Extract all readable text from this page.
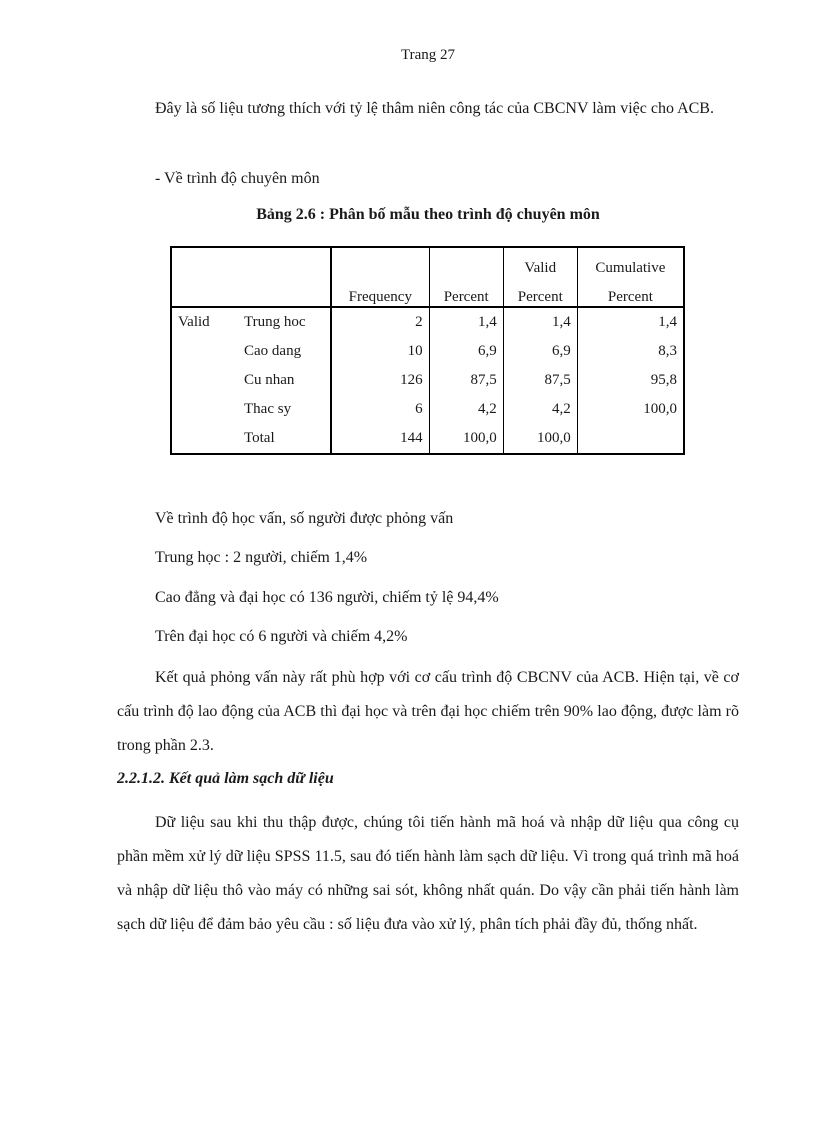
Trang 27

Đây là số liệu tương thích với tỷ lệ thâm niên công tác của CBCNV làm việc cho ACB.

- Về trình độ chuyên môn

Bảng 2.6 : Phân bố mẫu theo trình độ chuyên môn
				Valid	Cumulative
		Frequency	Percent	Percent	Percent
Valid	Trung hoc	2	1,4	1,4	1,4
	Cao dang	10	6,9	6,9	8,3
	Cu nhan	126	87,5	87,5	95,8
	Thac sy	6	4,2	4,2	100,0
	Total	144	100,0	100,0	

Về trình độ học vấn, số người được phỏng vấn

Trung học : 2 người, chiếm 1,4%

Cao đẳng và đại học có 136 người, chiếm tỷ lệ 94,4%

Trên đại học có 6 người và chiếm 4,2%

Kết quả phỏng vấn này rất phù hợp với cơ cấu trình độ CBCNV của ACB. Hiện tại, về cơ cấu trình độ lao động của ACB thì đại học và trên đại học chiếm trên 90% lao động, được làm rõ trong phần 2.3.

2.2.1.2. Kết quả làm sạch dữ liệu

Dữ liệu sau khi thu thập được, chúng tôi tiến hành mã hoá và nhập dữ liệu qua công cụ phần mềm xử lý dữ liệu SPSS 11.5, sau đó tiến hành làm sạch dữ liệu. Vì trong quá trình mã hoá và nhập dữ liệu thô vào máy có những sai sót, không nhất quán. Do vậy cần phải tiến hành làm sạch dữ liệu để đảm bảo yêu cầu : số liệu đưa vào xử lý, phân tích phải đầy đủ, thống nhất.
